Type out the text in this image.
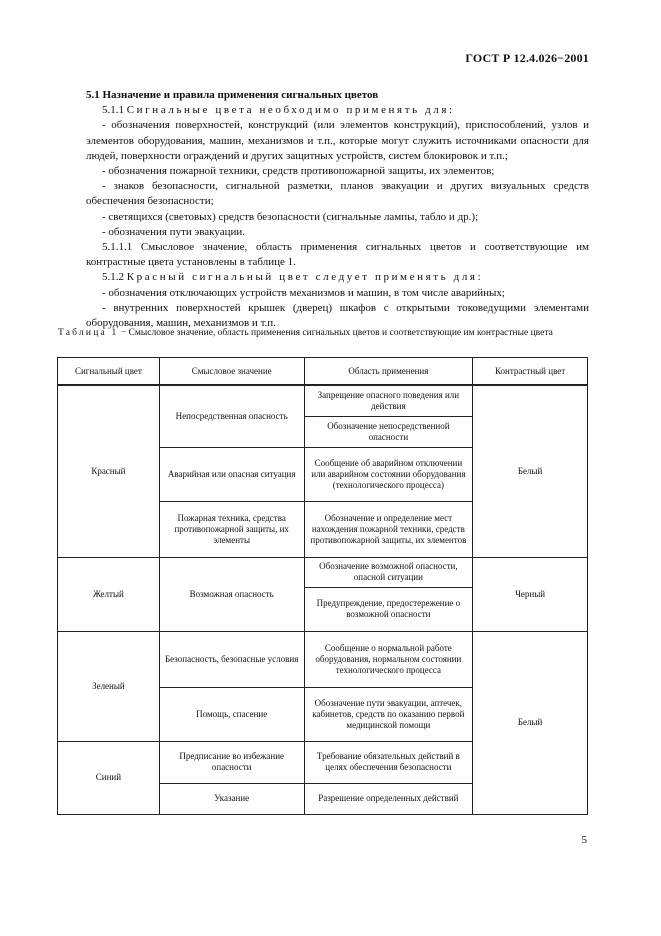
ГОСТ Р 12.4.026−2001

5.1 Назначение и правила применения сигнальных цветов

5.1.1 Сигнальные цвета необходимо применять для:

- обозначения поверхностей, конструкций (или элементов конструкций), приспособлений, узлов и элементов оборудования, машин, механизмов и т.п., которые могут служить источниками опасности для людей, поверхности ограждений и других защитных устройств, систем блокировок и т.п.;

- обозначения пожарной техники, средств противопожарной защиты, их элементов;

- знаков безопасности, сигнальной разметки, планов эвакуации и других визуальных средств обеспечения безопасности;

- светящихся (световых) средств безопасности (сигнальные лампы, табло и др.);

- обозначения пути эвакуации.

5.1.1.1 Смысловое значение, область применения сигнальных цветов и соответствующие им контрастные цвета установлены в таблице 1.

5.1.2 Красный сигнальный цвет следует применять для:

- обозначения отключающих устройств механизмов и машин, в том числе аварийных;

- внутренних поверхностей крышек (дверец) шкафов с открытыми токоведущими элементами оборудования, машин, механизмов и т.п.

Таблица 1 − Смысловое значение, область применения сигнальных цветов и соответствующие им контрастные цвета
Сигнальный цвет	Смысловое значение	Область применения	Контрастный цвет
Красный	Непосредственная опасность	Запрещение опасного поведения или действия	Белый
		Обозначение непосредственной опасности	
	Аварийная или опасная ситуация	Сообщение об аварийном отключении или аварийном состоянии оборудования (технологического процесса)	
	Пожарная техника, средства противопожарной защиты, их элементы	Обозначение и определение мест нахождения пожарной техники, средств противопожарной защиты, их элементов	

Желтый	Возможная опасность	Обозначение возможной опасности, опасной ситуации	Черный
		Предупреждение, предостережение о возможной опасности	
Зеленый	Безопасность, безопасные условия	Сообщение о нормальной работе оборудования, нормальном состоянии технологического процесса	Белый
	Помощь, спасение	Обозначение пути эвакуации, аптечек, кабинетов, средств по оказанию первой медицинской помощи	
Синий	Предписание во избежание опасности	Требование обязательных действий в целях обеспечения безопасности	
	Указание	Разрешение определенных действий	
5
